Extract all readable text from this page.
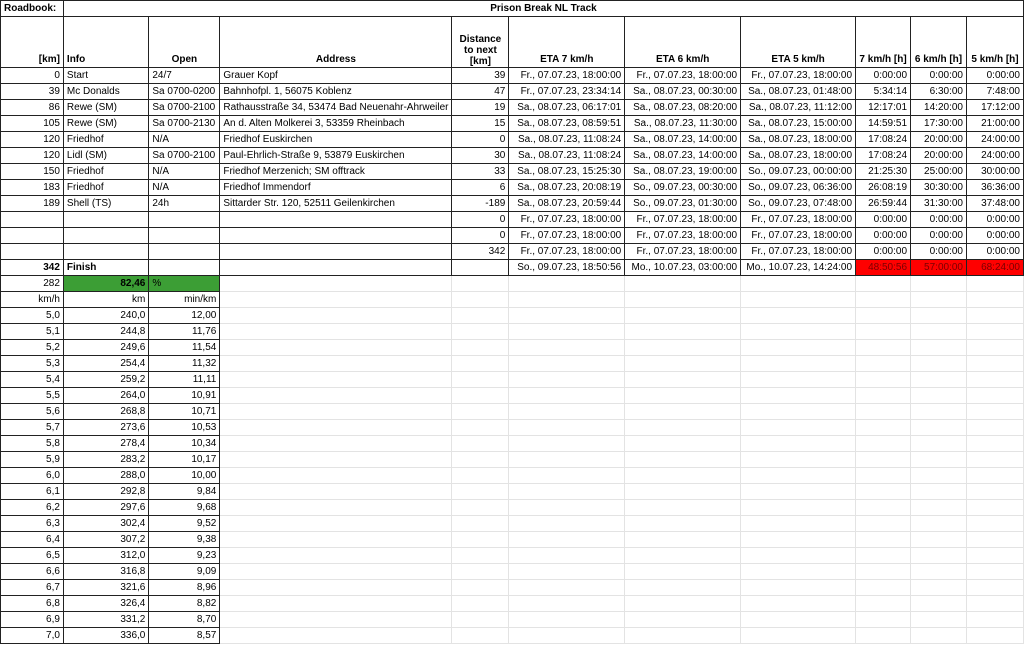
Roadbook:	Prison Break NL Track									
[km]	Info	Open	Address	Distance to next [km]	ETA 7 km/h	ETA 6 km/h	ETA 5 km/h	7 km/h [h]	6 km/h [h]	5 km/h [h]
0	Start	24/7	Grauer Kopf	39	Fr., 07.07.23, 18:00:00	Fr., 07.07.23, 18:00:00	Fr., 07.07.23, 18:00:00	0:00:00	0:00:00	0:00:00
39	Mc Donalds	Sa 0700-0200	Bahnhofpl. 1, 56075 Koblenz	47	Fr., 07.07.23, 23:34:14	Sa., 08.07.23, 00:30:00	Sa., 08.07.23, 01:48:00	5:34:14	6:30:00	7:48:00
86	Rewe (SM)	Sa 0700-2100	Rathausstraße 34, 53474 Bad Neuenahr-Ahrweiler	19	Sa., 08.07.23, 06:17:01	Sa., 08.07.23, 08:20:00	Sa., 08.07.23, 11:12:00	12:17:01	14:20:00	17:12:00
105	Rewe (SM)	Sa 0700-2130	An d. Alten Molkerei 3, 53359 Rheinbach	15	Sa., 08.07.23, 08:59:51	Sa., 08.07.23, 11:30:00	Sa., 08.07.23, 15:00:00	14:59:51	17:30:00	21:00:00
120	Friedhof	N/A	Friedhof Euskirchen	0	Sa., 08.07.23, 11:08:24	Sa., 08.07.23, 14:00:00	Sa., 08.07.23, 18:00:00	17:08:24	20:00:00	24:00:00
120	Lidl (SM)	Sa 0700-2100	Paul-Ehrlich-Straße 9, 53879 Euskirchen	30	Sa., 08.07.23, 11:08:24	Sa., 08.07.23, 14:00:00	Sa., 08.07.23, 18:00:00	17:08:24	20:00:00	24:00:00
150	Friedhof	N/A	Friedhof Merzenich; SM offtrack	33	Sa., 08.07.23, 15:25:30	Sa., 08.07.23, 19:00:00	So., 09.07.23, 00:00:00	21:25:30	25:00:00	30:00:00
183	Friedhof	N/A	Friedhof Immendorf	6	Sa., 08.07.23, 20:08:19	So., 09.07.23, 00:30:00	So., 09.07.23, 06:36:00	26:08:19	30:30:00	36:36:00
189	Shell (TS)	24h	Sittarder Str. 120, 52511 Geilenkirchen	-189	Sa., 08.07.23, 20:59:44	So., 09.07.23, 01:30:00	So., 09.07.23, 07:48:00	26:59:44	31:30:00	37:48:00
				0	Fr., 07.07.23, 18:00:00	Fr., 07.07.23, 18:00:00	Fr., 07.07.23, 18:00:00	0:00:00	0:00:00	0:00:00
				0	Fr., 07.07.23, 18:00:00	Fr., 07.07.23, 18:00:00	Fr., 07.07.23, 18:00:00	0:00:00	0:00:00	0:00:00
				342	Fr., 07.07.23, 18:00:00	Fr., 07.07.23, 18:00:00	Fr., 07.07.23, 18:00:00	0:00:00	0:00:00	0:00:00
342	Finish				So., 09.07.23, 18:50:56	Mo., 10.07.23, 03:00:00	Mo., 10.07.23, 14:24:00	48:50:56	57:00:00	68:24:00
282	82,46	%								
km/h	km	min/km								
5,0	240,0	12,00								
5,1	244,8	11,76								
5,2	249,6	11,54								
5,3	254,4	11,32								
5,4	259,2	11,11								
5,5	264,0	10,91								
5,6	268,8	10,71								
5,7	273,6	10,53								
5,8	278,4	10,34								
5,9	283,2	10,17								
6,0	288,0	10,00								
6,1	292,8	9,84								
6,2	297,6	9,68								
6,3	302,4	9,52								
6,4	307,2	9,38								
6,5	312,0	9,23								
6,6	316,8	9,09								
6,7	321,6	8,96								
6,8	326,4	8,82								
6,9	331,2	8,70								
7,0	336,0	8,57								
